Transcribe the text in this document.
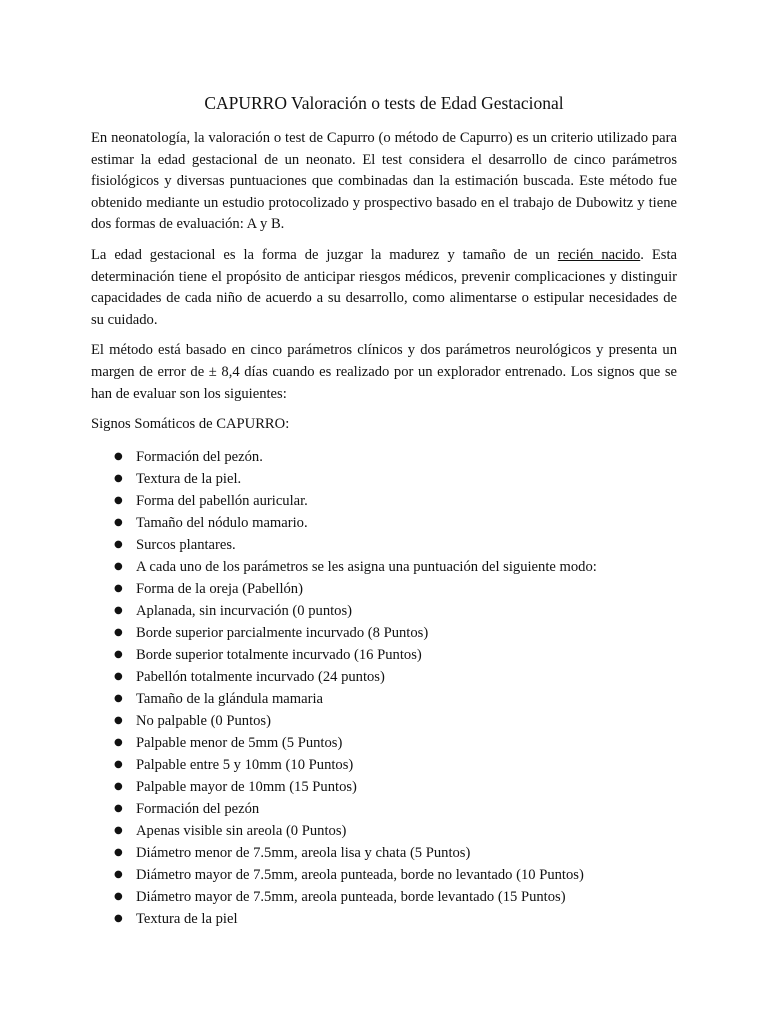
CAPURRO Valoración o tests de Edad Gestacional

En neonatología, la valoración o test de Capurro (o método de Capurro) es un criterio utilizado para estimar la edad gestacional de un neonato. El test considera el desarrollo de cinco parámetros fisiológicos y diversas puntuaciones que combinadas dan la estimación buscada. Este método fue obtenido mediante un estudio protocolizado y prospectivo basado en el trabajo de Dubowitz y tiene dos formas de evaluación: A y B.

La edad gestacional es la forma de juzgar la madurez y tamaño de un recién nacido. Esta determinación tiene el propósito de anticipar riesgos médicos, prevenir complicaciones y distinguir capacidades de cada niño de acuerdo a su desarrollo, como alimentarse o estipular necesidades de su cuidado.

El método está basado en cinco parámetros clínicos y dos parámetros neurológicos y presenta un margen de error de ± 8,4 días cuando es realizado por un explorador entrenado. Los signos que se han de evaluar son los siguientes:

Signos Somáticos de CAPURRO:

● Formación del pezón.
● Textura de la piel.
● Forma del pabellón auricular.
● Tamaño del nódulo mamario.
● Surcos plantares.
● A cada uno de los parámetros se les asigna una puntuación del siguiente modo:
● Forma de la oreja (Pabellón)
● Aplanada, sin incurvación (0 puntos)
● Borde superior parcialmente incurvado (8 Puntos)
● Borde superior totalmente incurvado (16 Puntos)
● Pabellón totalmente incurvado (24 puntos)
● Tamaño de la glándula mamaria
● No palpable (0 Puntos)
● Palpable menor de 5mm (5 Puntos)
● Palpable entre 5 y 10mm (10 Puntos)
● Palpable mayor de 10mm (15 Puntos)
● Formación del pezón
● Apenas visible sin areola (0 Puntos)
● Diámetro menor de 7.5mm, areola lisa y chata (5 Puntos)
● Diámetro mayor de 7.5mm, areola punteada, borde no levantado (10 Puntos)
● Diámetro mayor de 7.5mm, areola punteada, borde levantado (15 Puntos)
● Textura de la piel
